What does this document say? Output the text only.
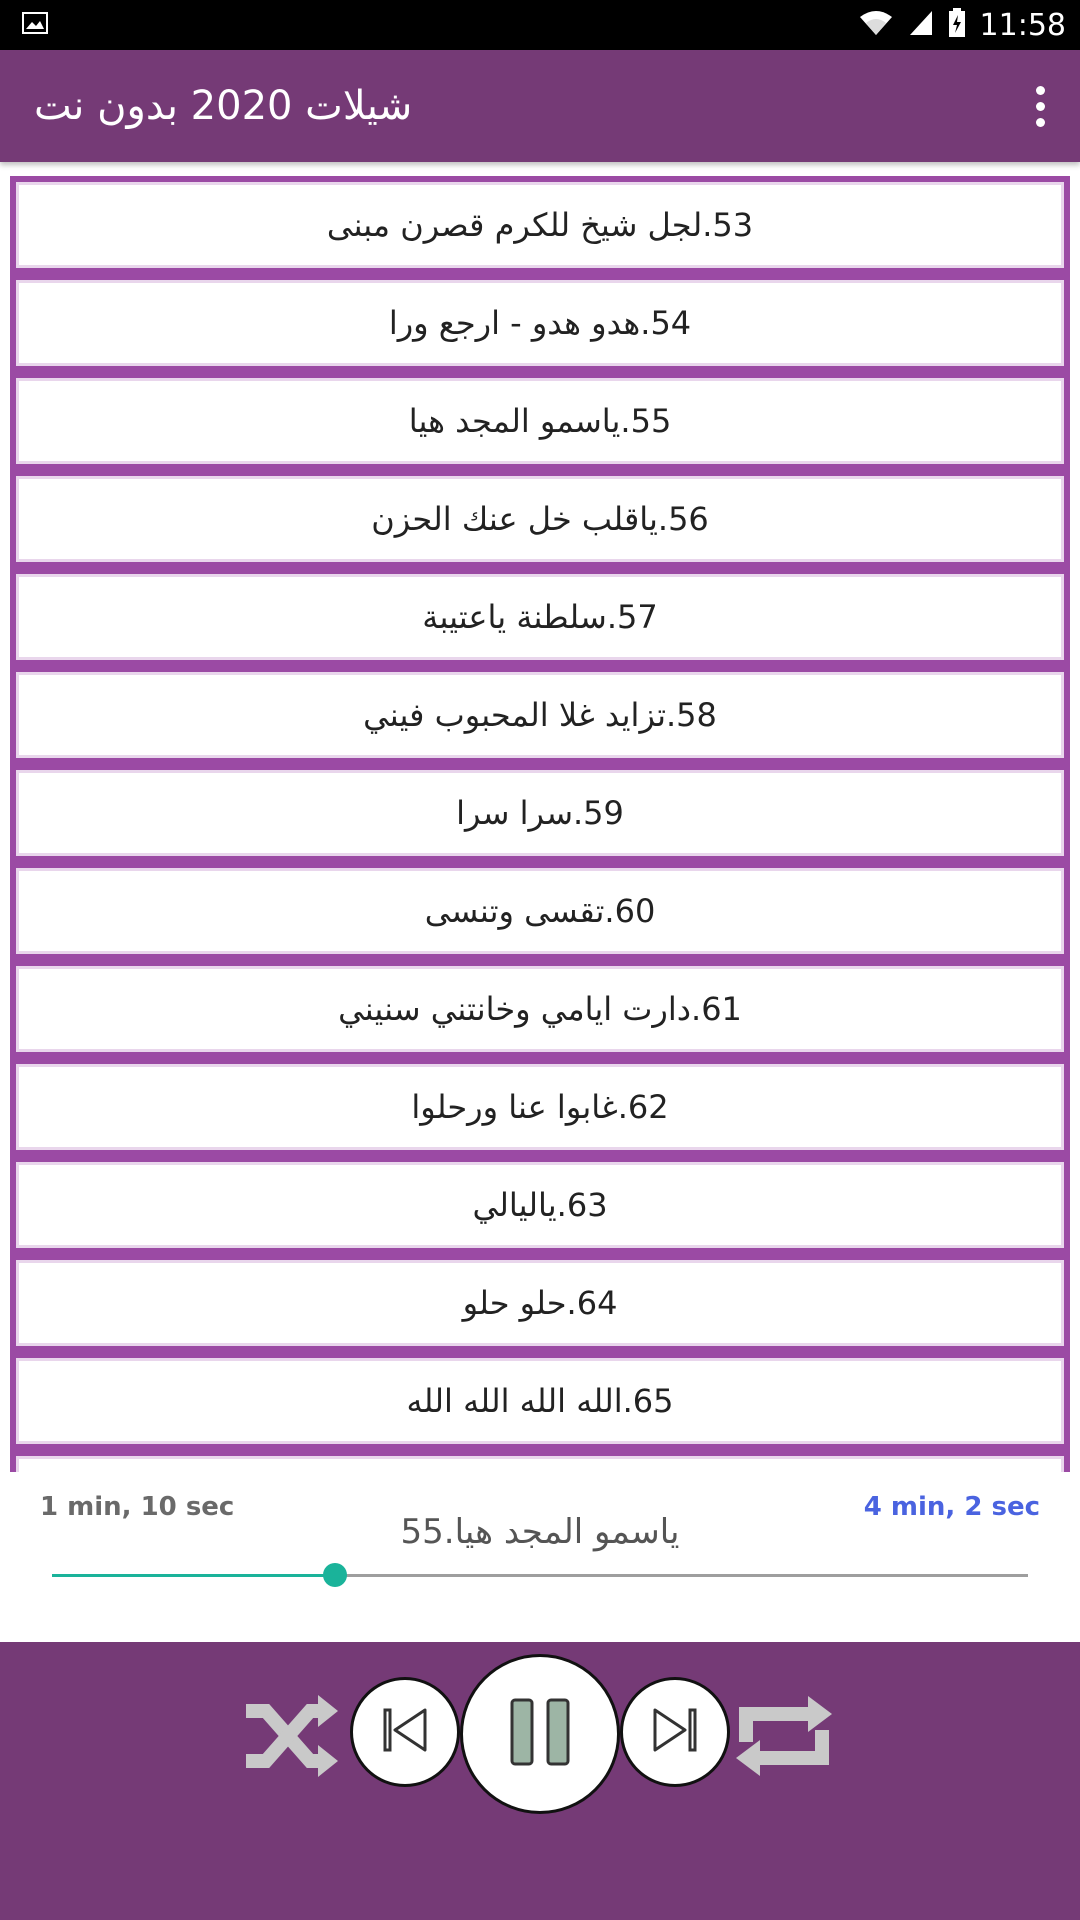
11:58
شيلات 2020 بدون نت
53.لجل شيخ للكرم قصرن مبنى
54.هدو هدو - ارجع ورا
55.ياسمو المجد هيا
56.ياقلب خل عنك الحزن
57.سلطنة ياعتيبة
58.تزايد غلا المحبوب فيني
59.سرا سرا
60.تقسى وتنسى
61.دارت ايامي وخانتني سنيني
62.غابوا عنا ورحلوا
63.ياليالي
64.حلو حلو
65.الله الله الله الله
1 min, 10 sec	4 min, 2 sec
55.ياسمو المجد هيا
